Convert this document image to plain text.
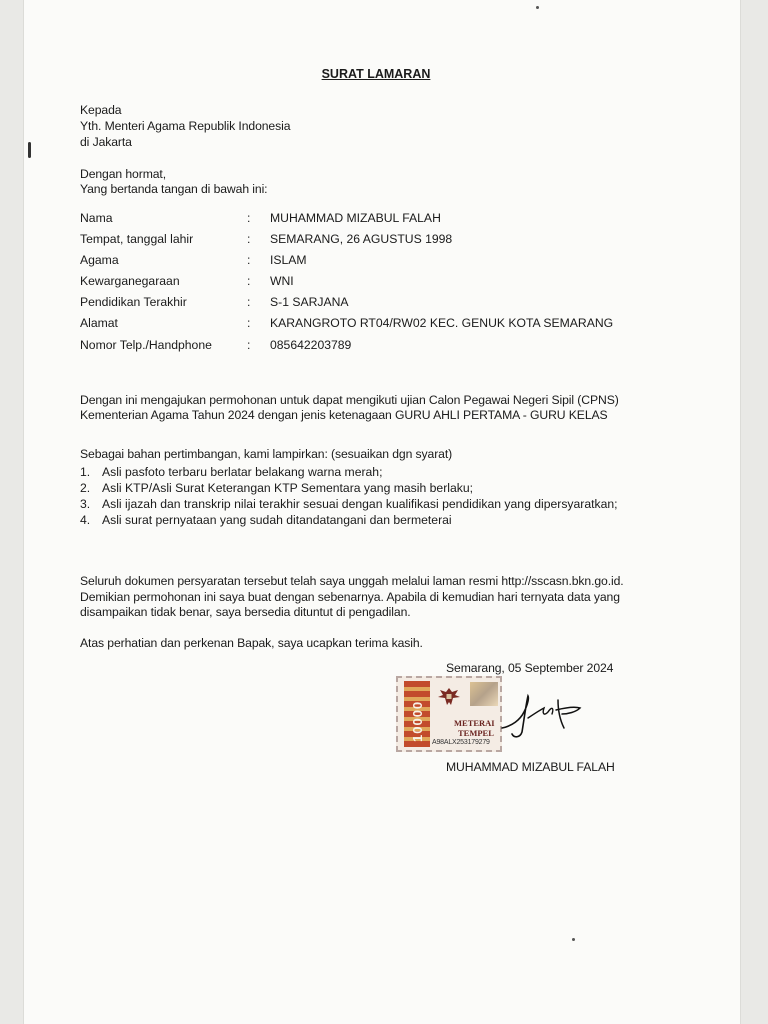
SURAT LAMARAN
Kepada
Yth. Menteri Agama Republik Indonesia
di Jakarta
Dengan hormat,
Yang bertanda tangan di bawah ini:
Nama	: MUHAMMAD MIZABUL FALAH
Tempat, tanggal lahir	: SEMARANG, 26 AGUSTUS 1998
Agama	: ISLAM
Kewarganegaraan	: WNI
Pendidikan Terakhir	: S-1 SARJANA
Alamat	: KARANGROTO RT04/RW02 KEC. GENUK KOTA SEMARANG
Nomor Telp./Handphone	: 085642203789
Dengan ini mengajukan permohonan untuk dapat mengikuti ujian Calon Pegawai Negeri Sipil (CPNS)
Kementerian Agama Tahun 2024 dengan jenis ketenagaan GURU AHLI PERTAMA - GURU KELAS
Sebagai bahan pertimbangan, kami lampirkan: (sesuaikan dgn syarat)
1. Asli pasfoto terbaru berlatar belakang warna merah;
2. Asli KTP/Asli Surat Keterangan KTP Sementara yang masih berlaku;
3. Asli ijazah dan transkrip nilai terakhir sesuai dengan kualifikasi pendidikan yang dipersyaratkan;
4. Asli surat pernyataan yang sudah ditandatangani dan bermeterai
Seluruh dokumen persyaratan tersebut telah saya unggah melalui laman resmi http://sscasn.bkn.go.id.
Demikian permohonan ini saya buat dengan sebenarnya. Apabila di kemudian hari ternyata data yang
disampaikan tidak benar, saya bersedia dituntut di pengadilan.
Atas perhatian dan perkenan Bapak, saya ucapkan terima kasih.
Semarang, 05 September 2024
10000	METERAI
TEMPEL
A98ALX253179279
MUHAMMAD MIZABUL FALAH
